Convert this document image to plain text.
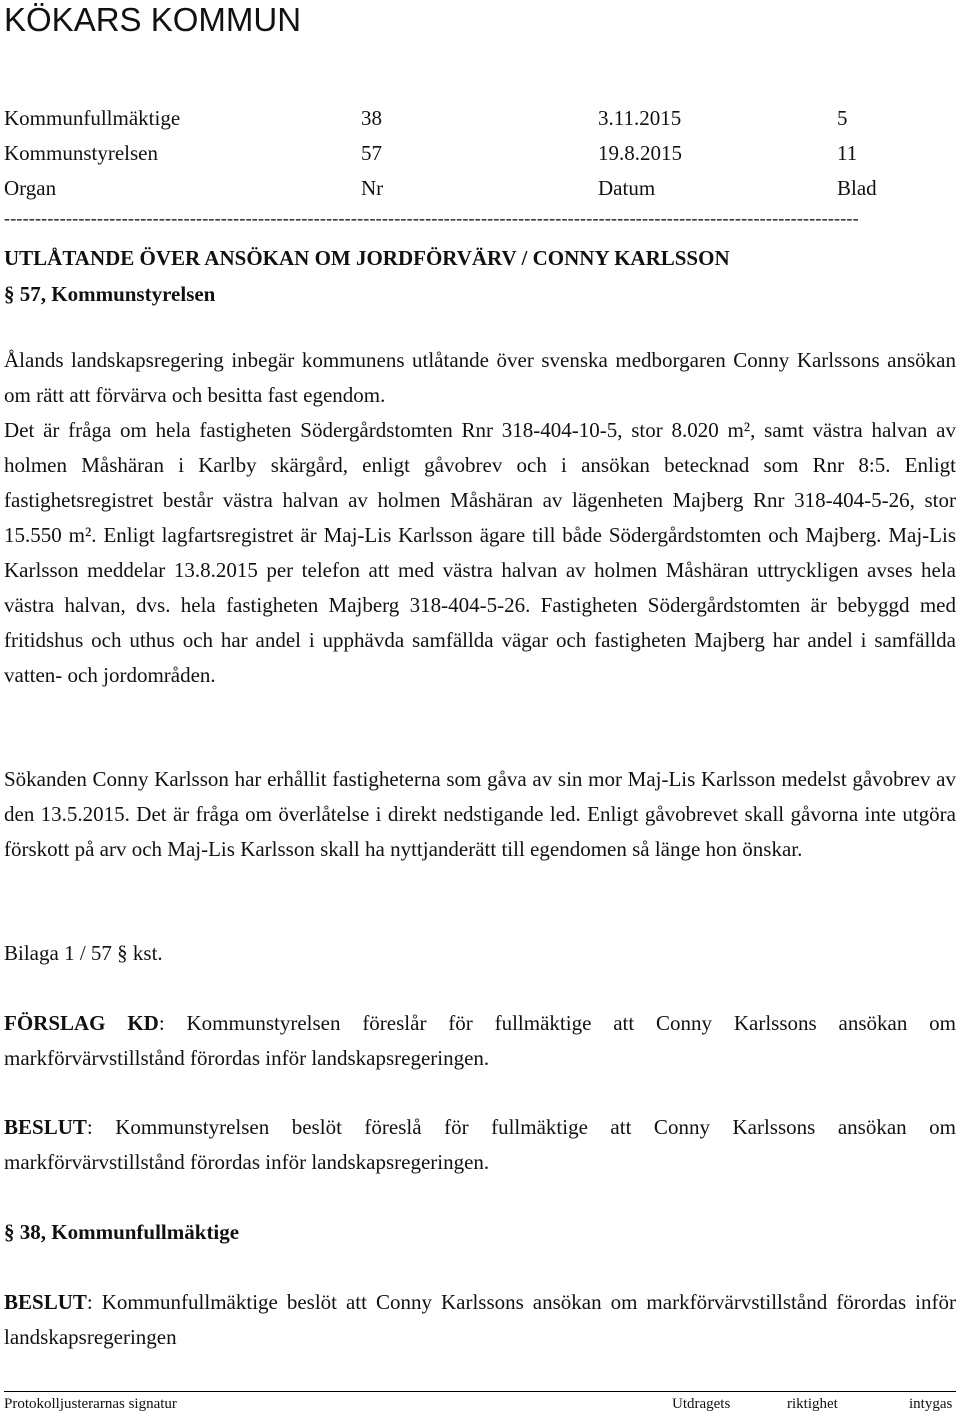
KÖKARS KOMMUN
Kommunfullmäktige	38	3.11.2015	5
Kommunstyrelsen	57	19.8.2015	11
Organ	Nr	Datum	Blad
------------------------------------------------------------------------------------------------------------------------------------------
UTLÅTANDE ÖVER ANSÖKAN OM JORDFÖRVÄRV / CONNY KARLSSON
§ 57, Kommunstyrelsen

Ålands landskapsregering inbegär kommunens utlåtande över svenska medborgaren Conny Karlssons ansökan om rätt att förvärva och besitta fast egendom.

Det är fråga om hela fastigheten Södergårdstomten Rnr 318-404-10-5, stor 8.020 m², samt västra halvan av holmen Måshäran i Karlby skärgård, enligt gåvobrev och i ansökan betecknad som Rnr 8:5. Enligt fastighetsregistret består västra halvan av holmen Måshäran av lägenheten Majberg Rnr 318-404-5-26, stor 15.550 m². Enligt lagfartsregistret är Maj-Lis Karlsson ägare till både Södergårdstomten och Majberg. Maj-Lis Karlsson meddelar 13.8.2015 per telefon att med västra halvan av holmen Måshäran uttryckligen avses hela västra halvan, dvs. hela fastigheten Majberg 318-404-5-26. Fastigheten Södergårdstomten är bebyggd med fritidshus och uthus och har andel i upphävda samfällda vägar och fastigheten Majberg har andel i samfällda vatten- och jordområden.

Sökanden Conny Karlsson har erhållit fastigheterna som gåva av sin mor Maj-Lis Karlsson medelst gåvobrev av den 13.5.2015. Det är fråga om överlåtelse i direkt nedstigande led. Enligt gåvobrevet skall gåvorna inte utgöra förskott på arv och Maj-Lis Karlsson skall ha nyttjanderätt till egendomen så länge hon önskar.

Bilaga 1 / 57 § kst.

FÖRSLAG KD: Kommunstyrelsen föreslår för fullmäktige att Conny Karlssons ansökan om markförvärvstillstånd förordas inför landskapsregeringen.

BESLUT: Kommunstyrelsen beslöt föreslå för fullmäktige att Conny Karlssons ansökan om markförvärvstillstånd förordas inför landskapsregeringen.

§ 38, Kommunfullmäktige

BESLUT: Kommunfullmäktige beslöt att Conny Karlssons ansökan om markförvärvstillstånd förordas inför landskapsregeringen

Protokolljusterarnas signatur	Utdragets	riktighet	intygas
